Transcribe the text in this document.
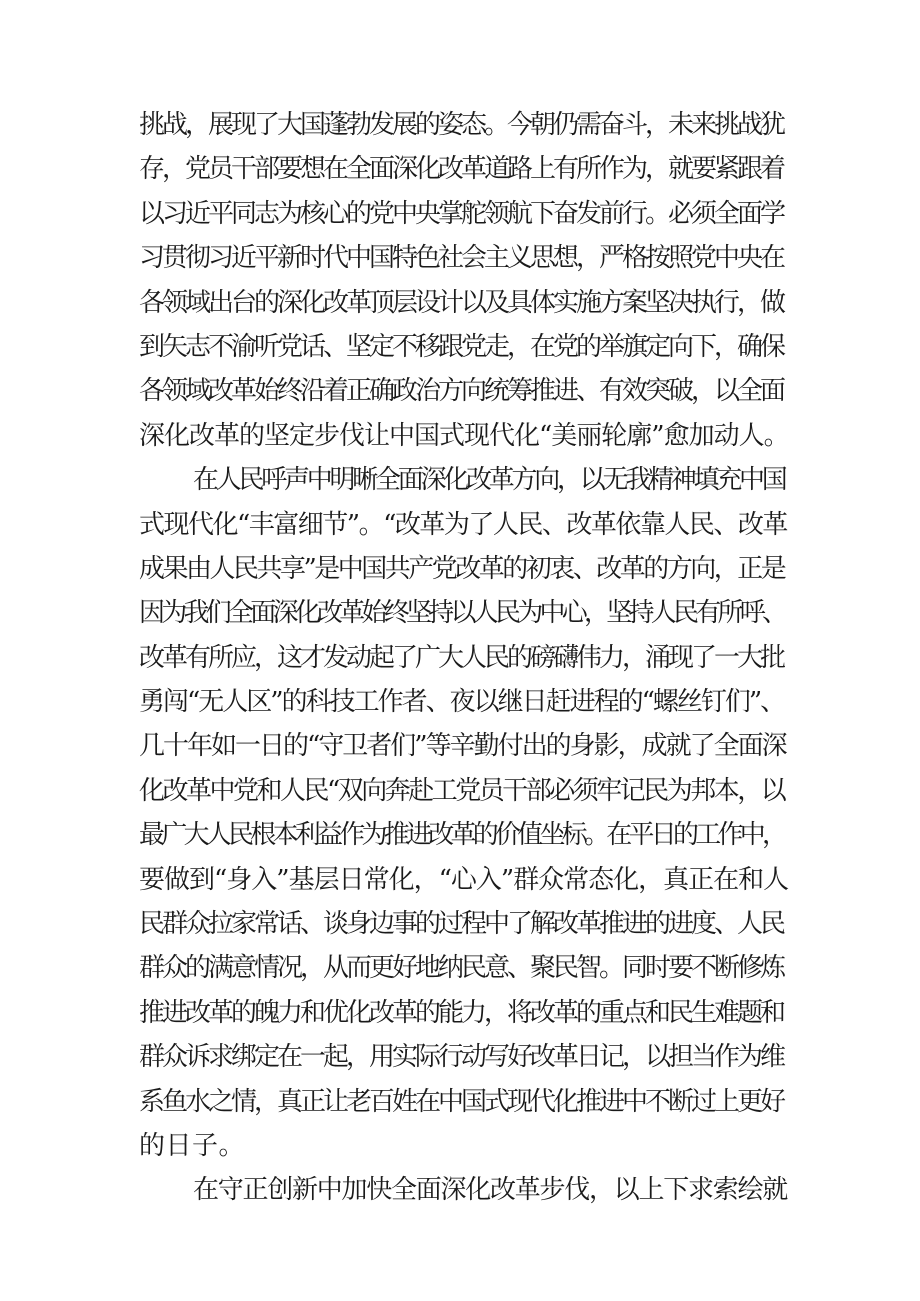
挑战，展现了大国蓬勃发展的姿态。今朝仍需奋斗，未来挑战犹
存，党员干部要想在全面深化改革道路上有所作为，就要紧跟着
以习近平同志为核心的党中央掌舵领航下奋发前行。必须全面学
习贯彻习近平新时代中国特色社会主义思想，严格按照党中央在
各领域出台的深化改革顶层设计以及具体实施方案坚决执行，做
到矢志不渝听党话、坚定不移跟党走，在党的举旗定向下，确保
各领域改革始终沿着正确政治方向统筹推进、有效突破，以全面
深化改革的坚定步伐让中国式现代化“美丽轮廓”愈加动人。
在人民呼声中明晰全面深化改革方向，以无我精神填充中国
式现代化“丰富细节”。“改革为了人民、改革依靠人民、改革
成果由人民共享”是中国共产党改革的初衷、改革的方向，正是
因为我们全面深化改革始终坚持以人民为中心，坚持人民有所呼、
改革有所应，这才发动起了广大人民的磅礴伟力，涌现了一大批
勇闯“无人区”的科技工作者、夜以继日赶进程的“螺丝钉们”、
几十年如一日的“守卫者们”等辛勤付出的身影，成就了全面深
化改革中党和人民“双向奔赴工党员干部必须牢记民为邦本，以
最广大人民根本利益作为推进改革的价值坐标。在平日的工作中，
要做到“身入”基层日常化，“心入”群众常态化，真正在和人
民群众拉家常话、谈身边事的过程中了解改革推进的进度、人民
群众的满意情况，从而更好地纳民意、聚民智。同时要不断修炼
推进改革的魄力和优化改革的能力，将改革的重点和民生难题和
群众诉求绑定在一起，用实际行动写好改革日记，以担当作为维
系鱼水之情，真正让老百姓在中国式现代化推进中不断过上更好
的日子。
在守正创新中加快全面深化改革步伐，以上下求索绘就
